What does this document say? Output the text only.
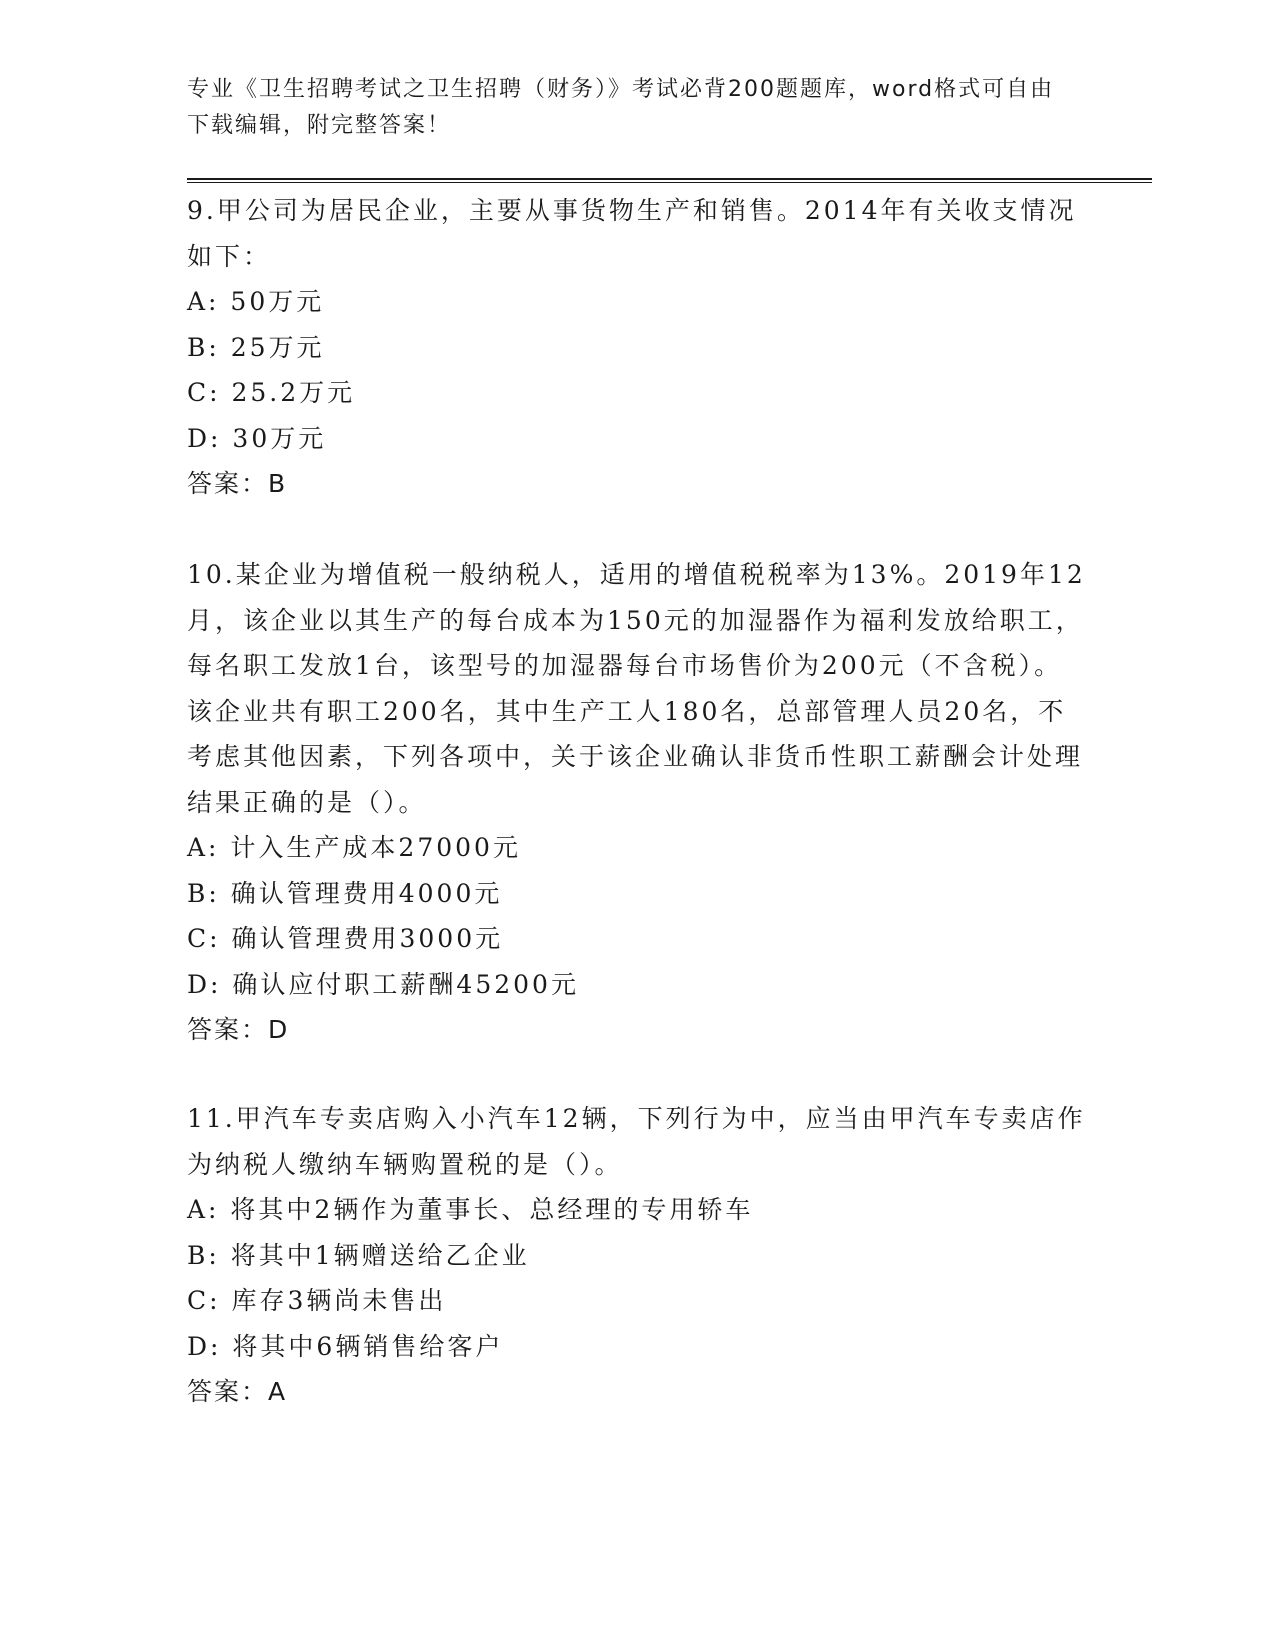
专业《卫生招聘考试之卫生招聘（财务）》考试必背200题题库，word格式可自由下载编辑，附完整答案！

9.甲公司为居民企业，主要从事货物生产和销售。2014年有关收支情况如下：

A: 50万元

B: 25万元

C: 25.2万元

D: 30万元

答案：B

10.某企业为增值税一般纳税人，适用的增值税税率为13%。2019年12月，该企业以其生产的每台成本为150元的加湿器作为福利发放给职工，每名职工发放1台，该型号的加湿器每台市场售价为200元（不含税）。该企业共有职工200名，其中生产工人180名，总部管理人员20名，不考虑其他因素，下列各项中，关于该企业确认非货币性职工薪酬会计处理结果正确的是（）。

A: 计入生产成本27000元

B: 确认管理费用4000元

C: 确认管理费用3000元

D: 确认应付职工薪酬45200元

答案：D

11.甲汽车专卖店购入小汽车12辆，下列行为中，应当由甲汽车专卖店作为纳税人缴纳车辆购置税的是（）。

A: 将其中2辆作为董事长、总经理的专用轿车

B: 将其中1辆赠送给乙企业

C: 库存3辆尚未售出

D: 将其中6辆销售给客户

答案：A
